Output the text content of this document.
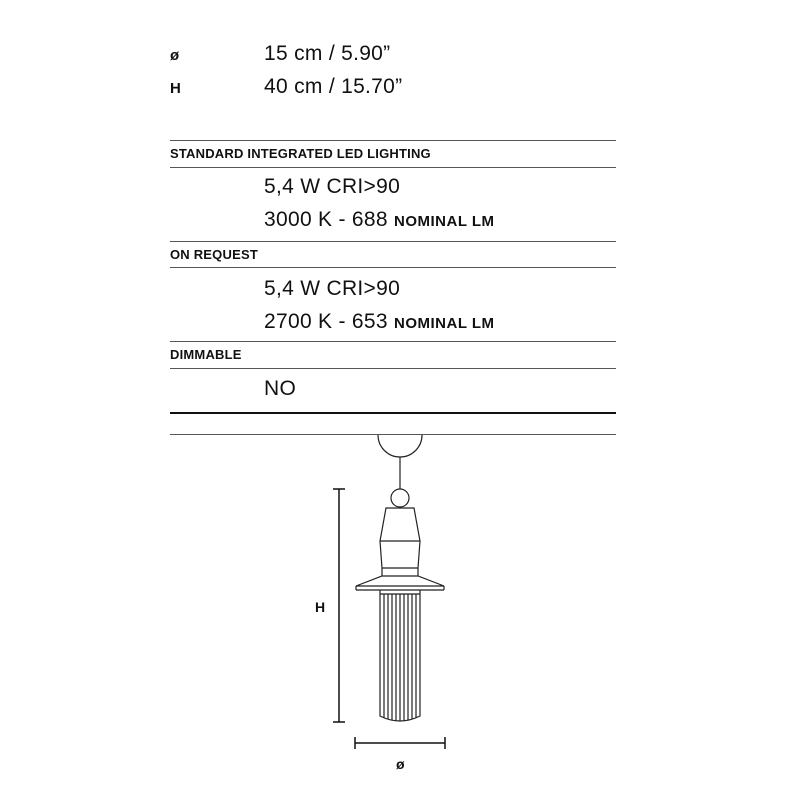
ø	15 cm / 5.90”
H	40 cm / 15.70”
STANDARD INTEGRATED LED LIGHTING
5,4 W CRI>90
3000 K - 688 NOMINAL LM
ON REQUEST
5,4 W CRI>90
2700 K - 653 NOMINAL LM
DIMMABLE
NO
H
ø
